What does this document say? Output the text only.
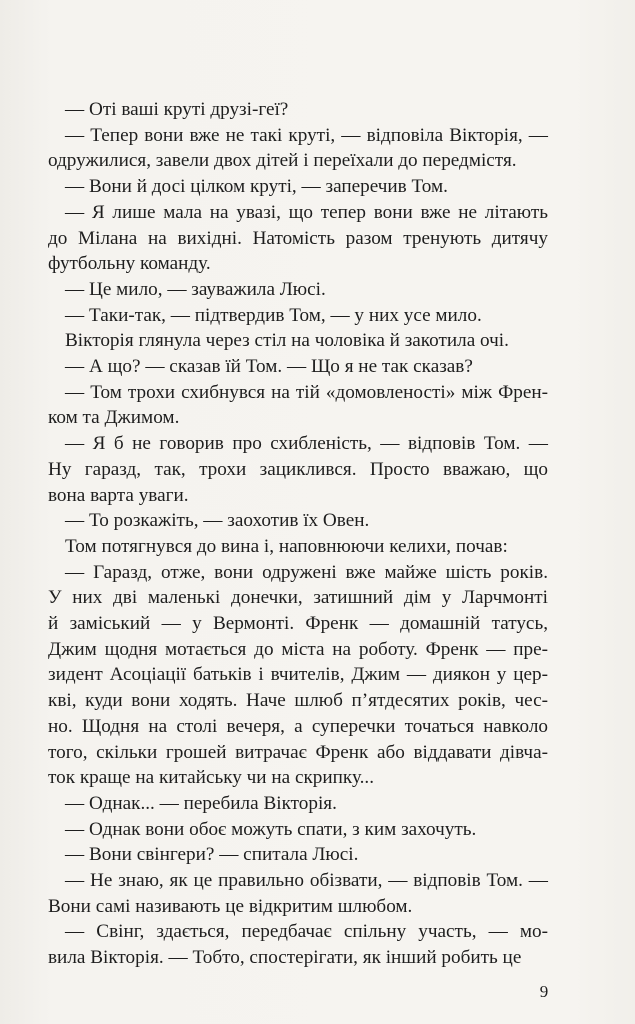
— Оті ваші круті друзі-геї?
— Тепер вони вже не такі круті, — відповіла Вікторія, —
одружилися, завели двох дітей і переїхали до передмістя.
— Вони й досі цілком круті, — заперечив Том.
— Я лише мала на увазі, що тепер вони вже не літають
до Мілана на вихідні. Натомість разом тренують дитячу
футбольну команду.
— Це мило, — зауважила Люсі.
— Таки-так, — підтвердив Том, — у них усе мило.
Вікторія глянула через стіл на чоловіка й закотила очі.
— А що? — сказав їй Том. — Що я не так сказав?
— Том трохи схибнувся на тій «домовленості» між Френ-
ком та Джимом.
— Я б не говорив про схибленість, — відповів Том. —
Ну гаразд, так, трохи зациклився. Просто вважаю, що
вона варта уваги.
— То розкажіть, — заохотив їх Овен.
Том потягнувся до вина і, наповнюючи келихи, почав:
— Гаразд, отже, вони одружені вже майже шість років.
У них дві маленькі донечки, затишний дім у Ларчмонті
й заміський — у Вермонті. Френк — домашній татусь,
Джим щодня мотається до міста на роботу. Френк — пре-
зидент Асоціації батьків і вчителів, Джим — диякон у цер-
кві, куди вони ходять. Наче шлюб п’ятдесятих років, чес-
но. Щодня на столі вечеря, а суперечки точаться навколо
того, скільки грошей витрачає Френк або віддавати дівча-
ток краще на китайську чи на скрипку...
— Однак... — перебила Вікторія.
— Однак вони обоє можуть спати, з ким захочуть.
— Вони свінгери? — спитала Люсі.
— Не знаю, як це правильно обізвати, — відповів Том. —
Вони самі називають це відкритим шлюбом.
— Свінг, здається, передбачає спільну участь, — мо-
вила Вікторія. — Тобто, спостерігати, як інший робить це
9
